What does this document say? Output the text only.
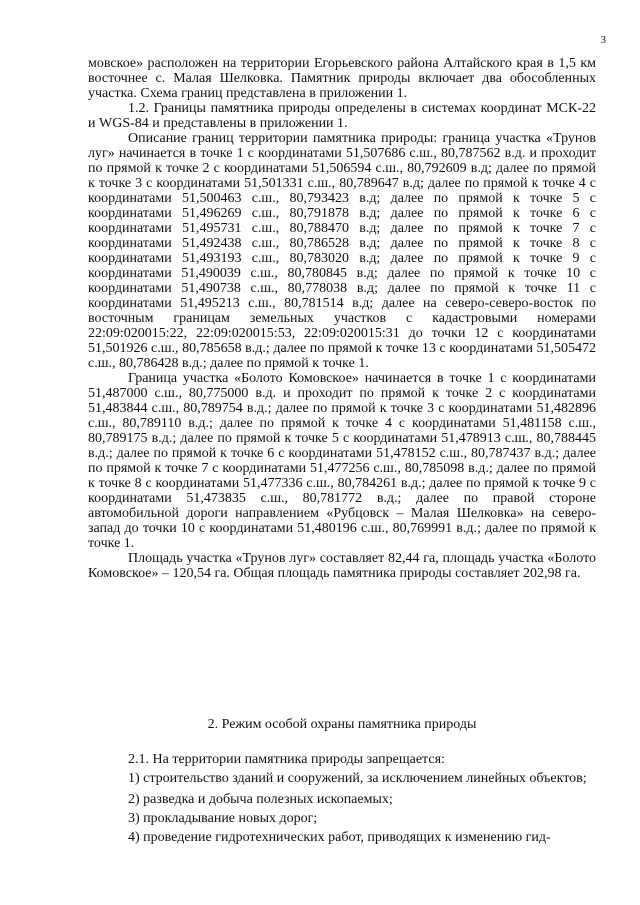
3

мовское» расположен на территории Егорьевского района Алтайского края в 1,5 км восточнее с. Малая Шелковка. Памятник природы включает два обособленных участка. Схема границ представлена в приложении 1.

1.2. Границы памятника природы определены в системах координат МСК-22 и WGS-84 и представлены в приложении 1.

Описание границ территории памятника природы: граница участка «Трунов луг» начинается в точке 1 с координатами 51,507686 с.ш., 80,787562 в.д. и проходит по прямой к точке 2 с координатами 51,506594 с.ш., 80,792609 в.д; далее по прямой к точке 3 с координатами 51,501331 с.ш., 80,789647 в.д; далее по прямой к точке 4 с координатами 51,500463 с.ш., 80,793423 в.д; далее по прямой к точке 5 с координатами 51,496269 с.ш., 80,791878 в.д; далее по прямой к точке 6 с координатами 51,495731 с.ш., 80,788470 в.д; далее по прямой к точке 7 с координатами 51,492438 с.ш., 80,786528 в.д; далее по прямой к точке 8 с координатами 51,493193 с.ш., 80,783020 в.д; далее по прямой к точке 9 с координатами 51,490039 с.ш., 80,780845 в.д; далее по прямой к точке 10 с координатами 51,490738 с.ш., 80,778038 в.д; далее по прямой к точке 11 с координатами 51,495213 с.ш., 80,781514 в.д; далее на северо-северо-восток по восточным границам земельных участков с кадастровыми номерами 22:09:020015:22, 22:09:020015:53, 22:09:020015:31 до точки 12 с координатами 51,501926 с.ш., 80,785658 в.д.; далее по прямой к точке 13 с координатами 51,505472 с.ш., 80,786428 в.д.; далее по прямой к точке 1.

Граница участка «Болото Комовское» начинается в точке 1 с координатами 51,487000 с.ш., 80,775000 в.д. и проходит по прямой к точке 2 с координатами 51,483844 с.ш., 80,789754 в.д.; далее по прямой к точке 3 с координатами 51,482896 с.ш., 80,789110 в.д.; далее по прямой к точке 4 с координатами 51,481158 с.ш., 80,789175 в.д.; далее по прямой к точке 5 с координатами 51,478913 с.ш., 80,788445 в.д.; далее по прямой к точке 6 с координатами 51,478152 с.ш., 80,787437 в.д.; далее по прямой к точке 7 с координатами 51,477256 с.ш., 80,785098 в.д.; далее по прямой к точке 8 с координатами 51,477336 с.ш., 80,784261 в.д.; далее по прямой к точке 9 с координатами 51,473835 с.ш., 80,781772 в.д.; далее по правой стороне автомобильной дороги направлением «Рубцовск – Малая Шелковка» на северо-запад до точки 10 с координатами 51,480196 с.ш., 80,769991 в.д.; далее по прямой к точке 1.

Площадь участка «Трунов луг» составляет 82,44 га, площадь участка «Болото Комовское» – 120,54 га. Общая площадь памятника природы составляет 202,98 га.

2. Режим особой охраны памятника природы

2.1. На территории памятника природы запрещается:

1) строительство зданий и сооружений, за исключением линейных объектов;

2) разведка и добыча полезных ископаемых;

3) прокладывание новых дорог;

4) проведение гидротехнических работ, приводящих к изменению гид-
